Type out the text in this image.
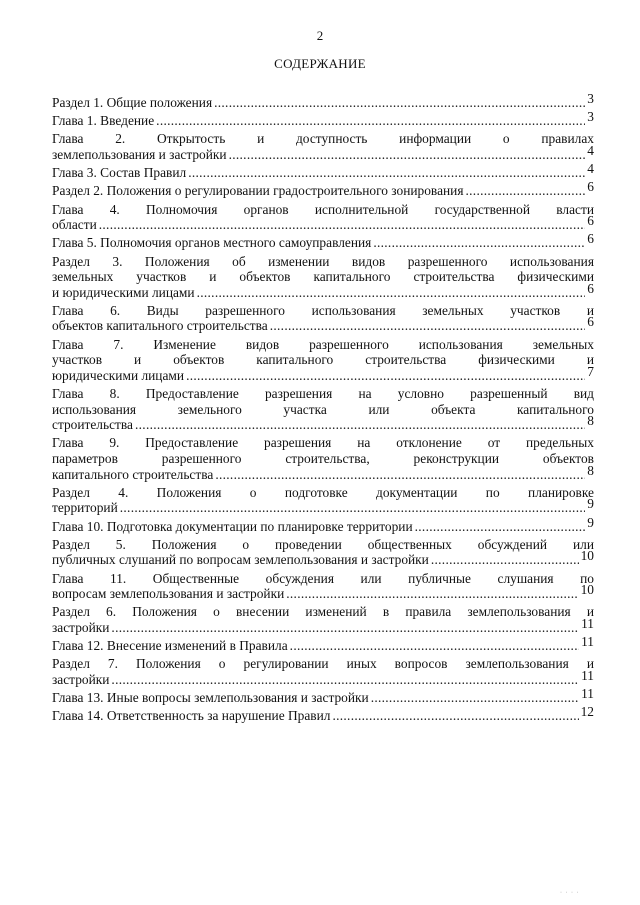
2
СОДЕРЖАНИЕ
Раздел 1. Общие положения .....	3
Глава 1. Введение .....	3
Глава 2. Открытость и доступность информации о правилах
землепользования и застройки .....	4
Глава 3. Состав Правил .....	4
Раздел 2. Положения о регулировании градостроительного зонирования .....	6
Глава 4. Полномочия органов исполнительной государственной власти
области .....	6
Глава 5. Полномочия органов местного самоуправления .....	6
Раздел 3. Положения об изменении видов разрешенного использования
земельных участков и объектов капитального строительства физическими
и юридическими лицами .....	6
Глава 6. Виды разрешенного использования земельных участков и
объектов капитального строительства .....	6
Глава 7. Изменение видов разрешенного использования земельных
участков и объектов капитального строительства физическими и
юридическими лицами .....	7
Глава 8. Предоставление разрешения на условно разрешенный вид
использования земельного участка или объекта капитального
строительства .....	8
Глава 9. Предоставление разрешения на отклонение от предельных
параметров разрешенного строительства, реконструкции объектов
капитального строительства .....	8
Раздел 4. Положения о подготовке документации по планировке
территорий .....	9
Глава 10. Подготовка документации по планировке территории .....	9
Раздел 5. Положения о проведении общественных обсуждений или
публичных слушаний по вопросам землепользования и застройки .....	10
Глава 11. Общественные обсуждения или публичные слушания по
вопросам землепользования и застройки .....	10
Раздел 6. Положения о внесении изменений в правила землепользования и
застройки .....	11
Глава 12. Внесение изменений в Правила .....	11
Раздел 7. Положения о регулировании иных вопросов землепользования и
застройки .....	11
Глава 13. Иные вопросы землепользования и застройки .....	11
Глава 14. Ответственность за нарушение Правил .....	12
· · · ·
